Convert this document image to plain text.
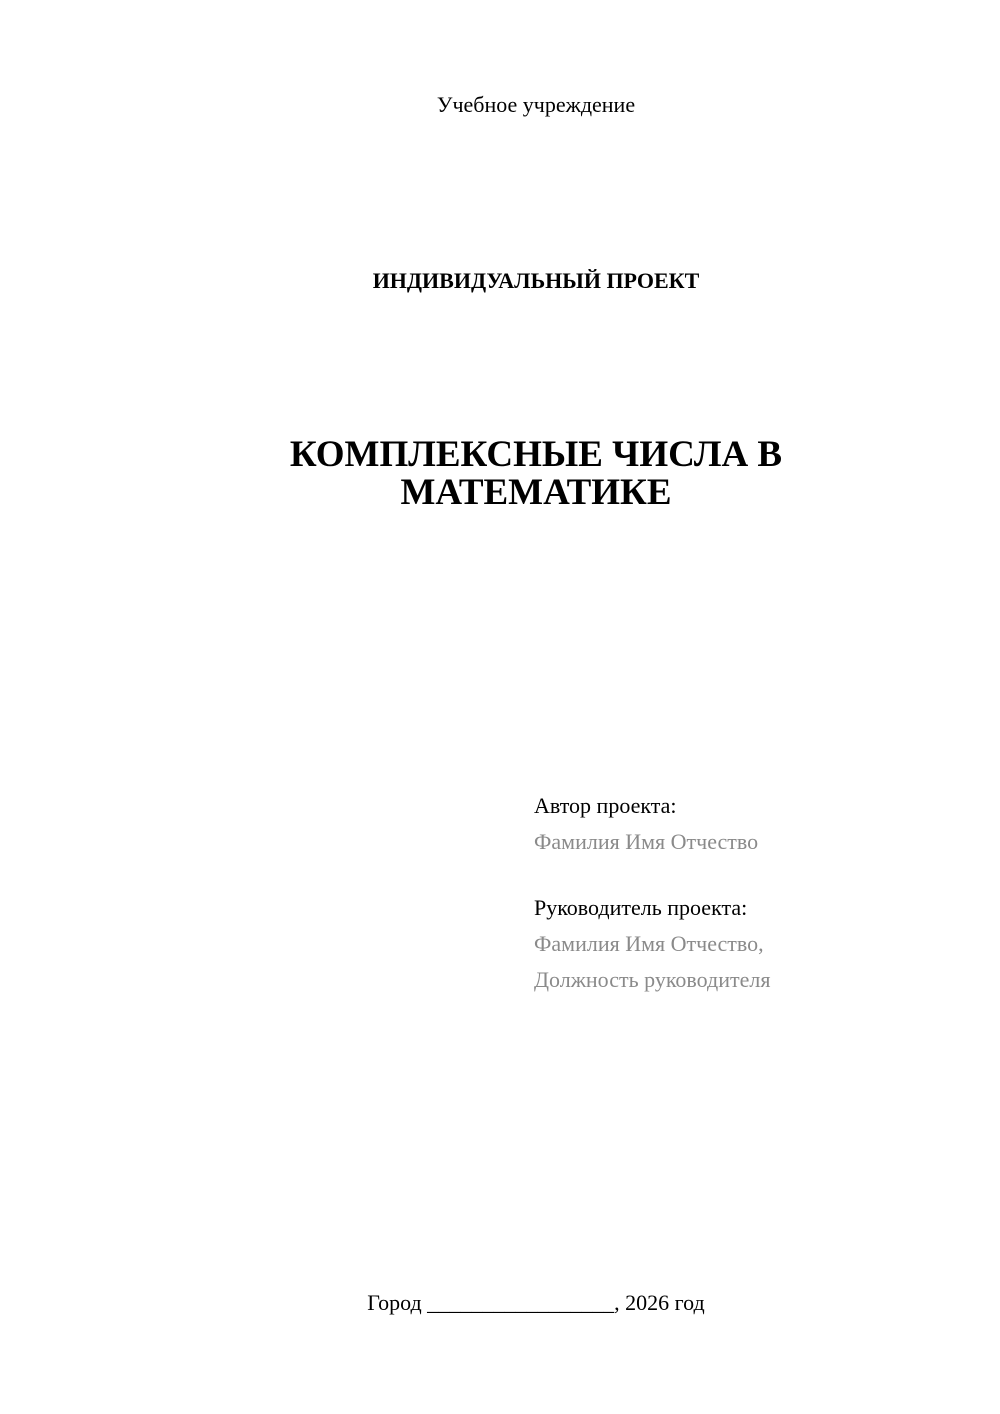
Учебное учреждение
ИНДИВИДУАЛЬНЫЙ ПРОЕКТ
КОМПЛЕКСНЫЕ ЧИСЛА В
МАТЕМАТИКЕ
Автор проекта:
Фамилия Имя Отчество
Руководитель проекта:
Фамилия Имя Отчество,
Должность руководителя
Город _________________, 2026 год
